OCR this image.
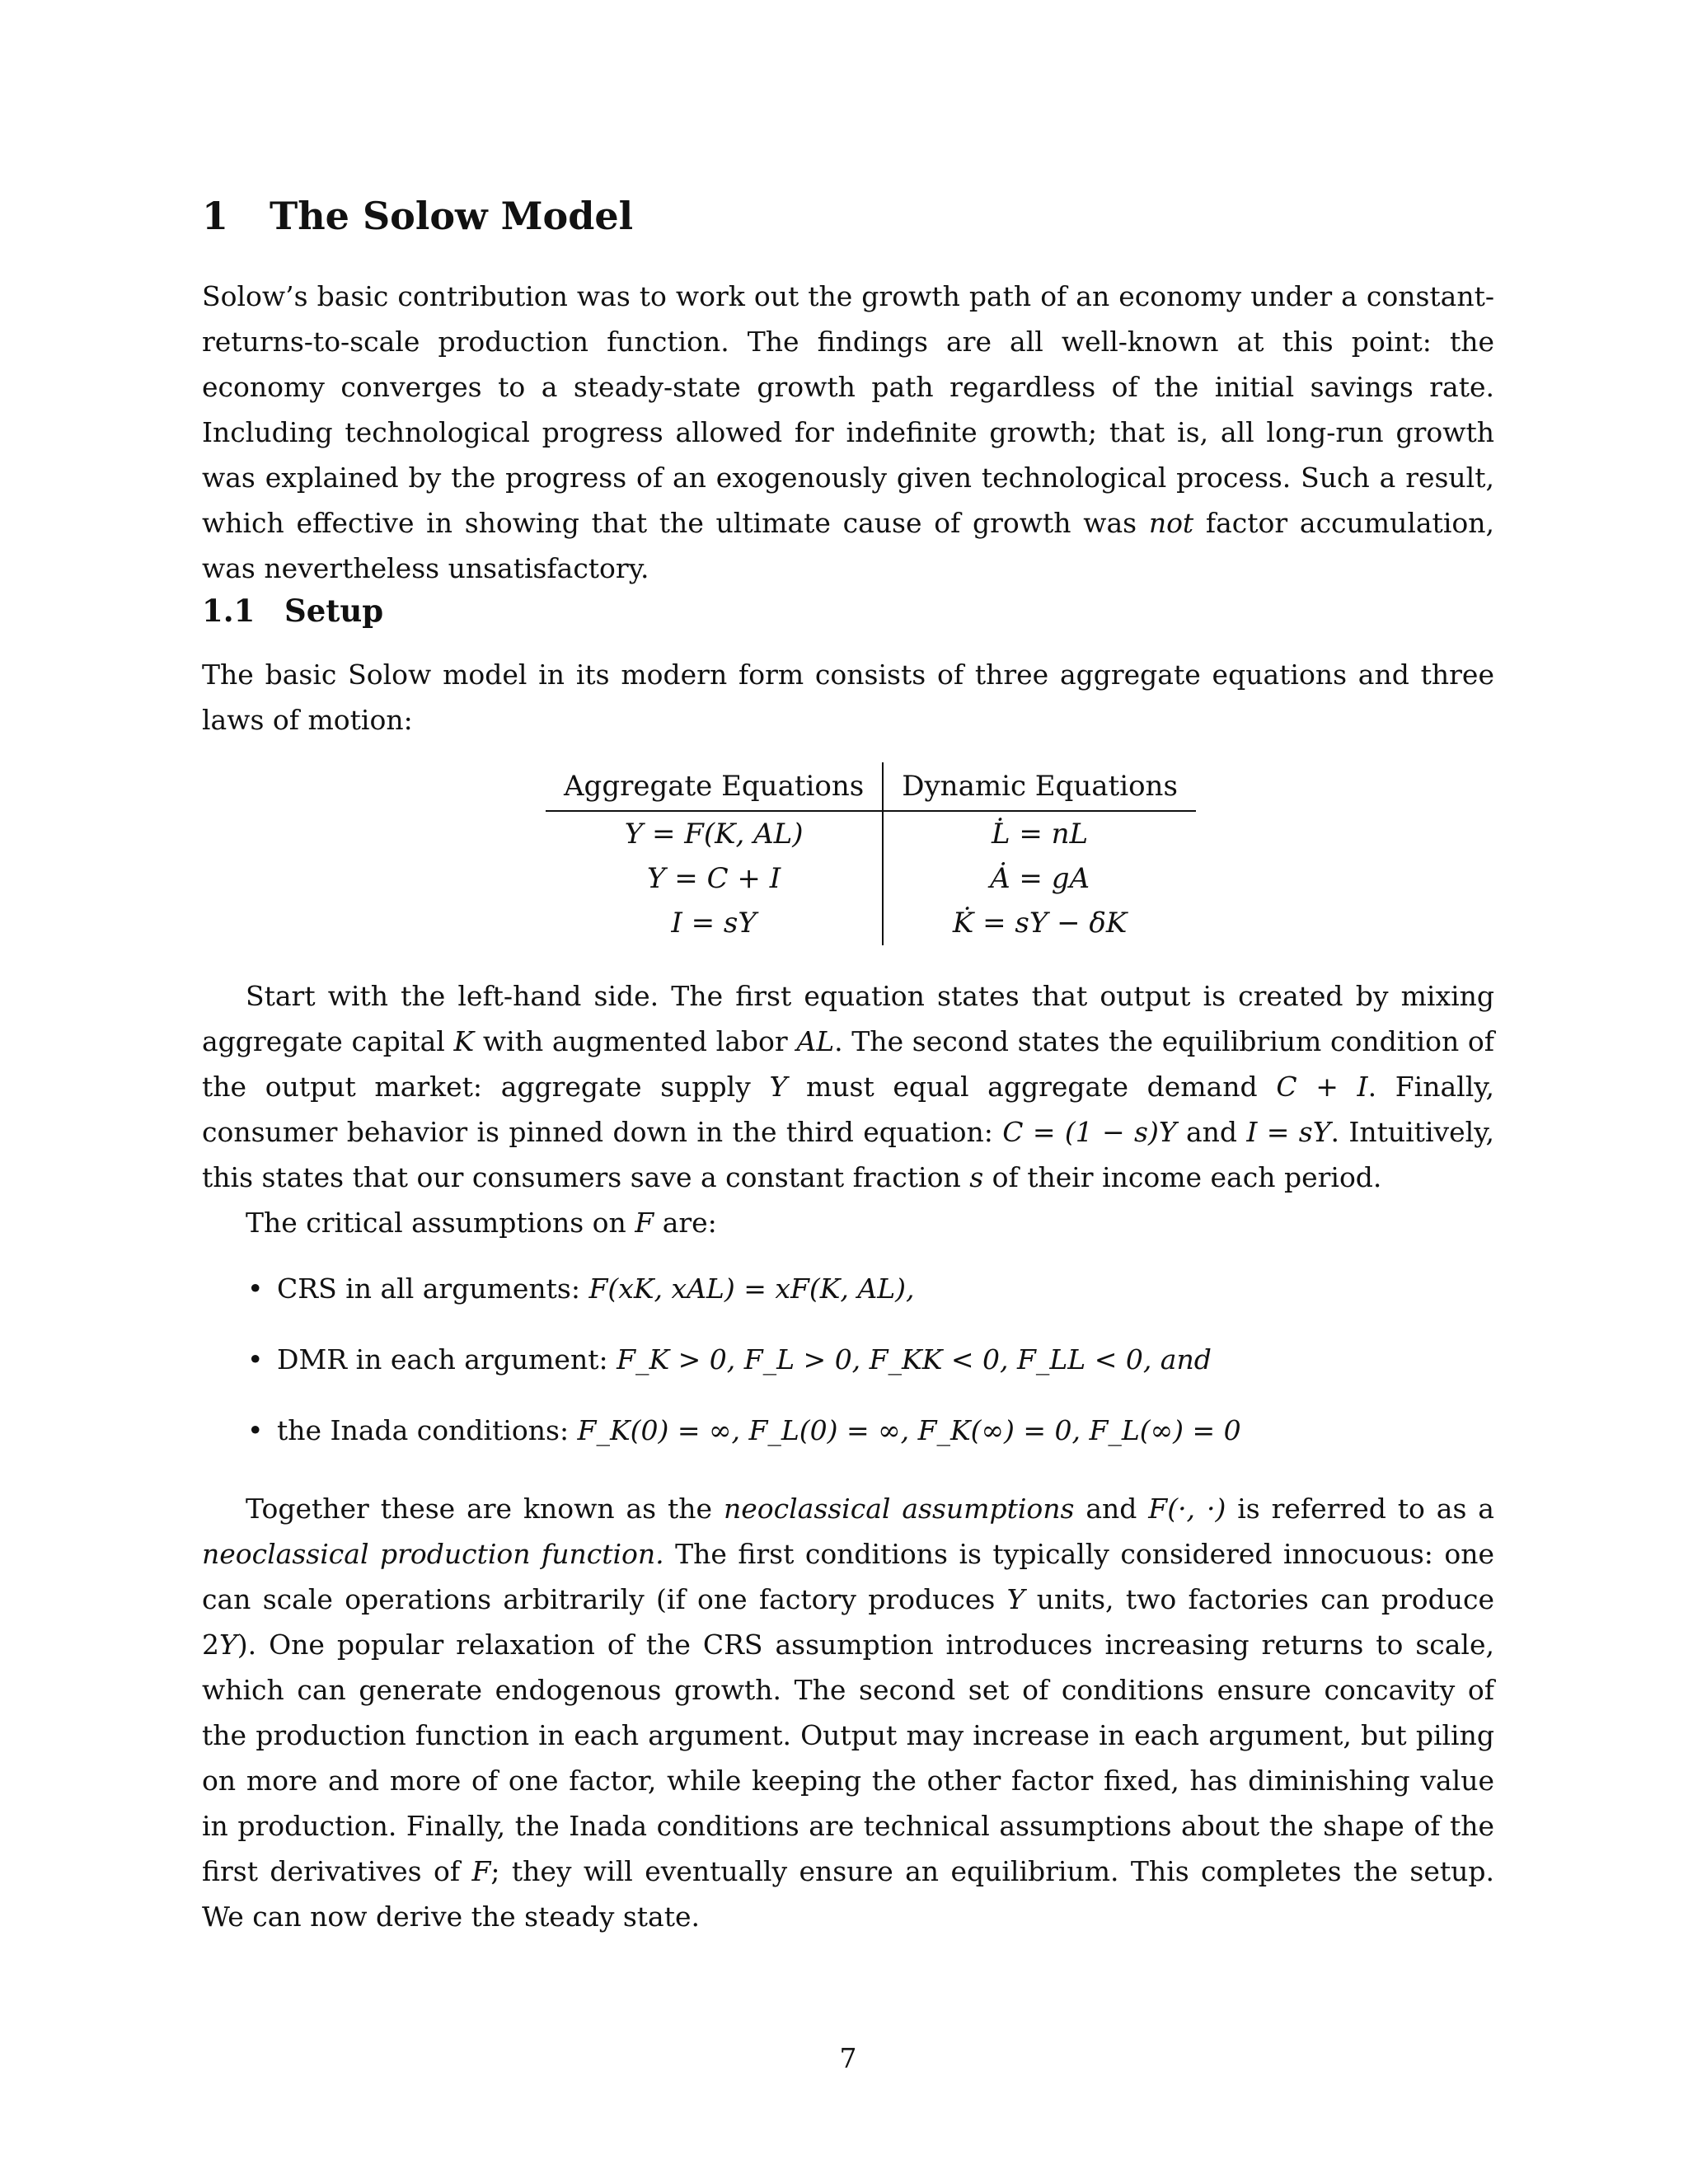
1 The Solow Model

Solow’s basic contribution was to work out the growth path of an economy under a constant-returns-to-scale production function. The findings are all well-known at this point: the economy converges to a steady-state growth path regardless of the initial savings rate. Including technological progress allowed for indefinite growth; that is, all long-run growth was explained by the progress of an exogenously given technological process. Such a result, which effective in showing that the ultimate cause of growth was not factor accumulation, was nevertheless unsatisfactory.

1.1 Setup

The basic Solow model in its modern form consists of three aggregate equations and three laws of motion:

Aggregate Equations	Dynamic Equations
Y = F(K, AL)	L̇ = nL
Y = C + I	Ȧ = gA
I = sY	K̇ = sY − δK

Start with the left-hand side. The first equation states that output is created by mixing aggregate capital K with augmented labor AL. The second states the equilibrium condition of the output market: aggregate supply Y must equal aggregate demand C + I. Finally, consumer behavior is pinned down in the third equation: C = (1 − s)Y and I = sY. Intuitively, this states that our consumers save a constant fraction s of their income each period.

The critical assumptions on F are:

• CRS in all arguments: F(xK, xAL) = xF(K, AL),
• DMR in each argument: F_K > 0, F_L > 0, F_KK < 0, F_LL < 0, and
• the Inada conditions: F_K(0) = ∞, F_L(0) = ∞, F_K(∞) = 0, F_L(∞) = 0

Together these are known as the neoclassical assumptions and F(·, ·) is referred to as a neoclassical production function. The first conditions is typically considered innocuous: one can scale operations arbitrarily (if one factory produces Y units, two factories can produce 2Y). One popular relaxation of the CRS assumption introduces increasing returns to scale, which can generate endogenous growth. The second set of conditions ensure concavity of the production function in each argument. Output may increase in each argument, but piling on more and more of one factor, while keeping the other factor fixed, has diminishing value in production. Finally, the Inada conditions are technical assumptions about the shape of the first derivatives of F; they will eventually ensure an equilibrium. This completes the setup. We can now derive the steady state.

7
